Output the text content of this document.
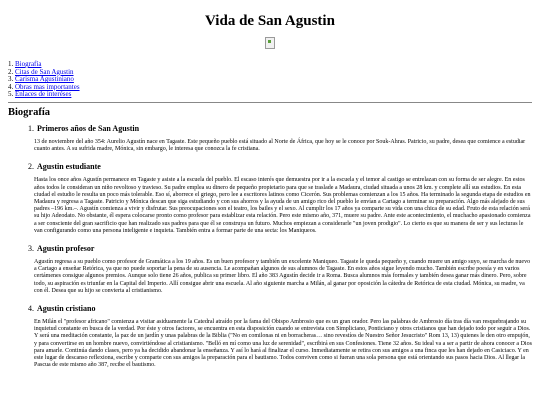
Vida de San Agustin
1. Biografía
2. Citas de San Agustin
3. Carisma Agustiniano
4. Obras mas importantes
5. Enlaces de interéses
Biografía
1. Primeros años de San Agustin

13 de noviembre del año 354: Aurelio Agustín nace en Tagaste. Este pequeño pueblo está situado al Norte de África, que hoy se le conoce por Souk-Ahras. Patricio, su padre, desea que comience a estudiar cuanto antes. A su sufrida madre, Mónica, sin embargo, le interesa que conozca la fe cristiana.

2. Agustin estudiante

Hasta los once años Agustín permanece en Tagaste y asiste a la escuela del pueblo. El escaso interés que demuestra por ir a la escuela y el temor al castigo se entrelazan con su forma de ser alegre. En estos años todos le consideran un niño revoltoso y travieso. Su padre emplea su dinero de pequeño propietario para que se traslade a Madaura, ciudad situada a unos 28 km. y complete allí sus estudios. En esta ciudad el estudio le resulta un poco más tolerable. Eso sí, aborrece el griego, pero lee a escritores latinos como Cicerón. Sus problemas comienzan a los 15 años. Ha terminado la segunda etapa de estudios en Madaura y regresa a Tagaste. Patricio y Mónica descan que siga estudiando y con sus ahorros y la ayuda de un amigo rico del pueblo le envían a Cartago a terminar su preparación. Algo más alejado de sus padres –196 km.–. Agustín comienza a vivir y disfrutar. Sus preocupaciones son el teatro, los bailes y el sexo. Al cumplir los 17 años ya comparte su vida con una chica de su edad. Fruto de esta relación será su hijo Adeodato. No obstante, él espera colocarse pronto como profesor para establizar esta relación. Pero este mismo año, 371, muere su padre. Ante este acontecimiento, el muchacho apasionado comienza a ser consciente del gran sacrificio que han realizado sus padres para que él se construya un futuro. Muchos empiezan a considerarle "un joven prodigio". Lo cierto es que su manera de ser y sus lecturas le van configurando como una persona inteligente e inquieta. También entra a formar parte de una secta: los Maniqueos.

3. Agustin profesor

Agustín regresa a su pueblo como profesor de Gramática a los 19 años. Es un buen profesor y también un excelente Maniqueo. Tagaste le queda pequeño y, cuando muere un amigo suyo, se marcha de nuevo a Cartago a enseñar Retórica, ya que no puede soportar la pena de su ausencia. Le acompañan algunos de sus alumnos de Tagaste. En estos años sigue leyendo mucho. También escribe poesía y en varios certámenes consigue algunos premios. Aunque solo tiene 26 años, publica su primer libro. El año 383 Agustín decide ir a Roma. Busca alumnos más formales y también desea ganar más dinero. Pero, sobre todo, su aspiración es triunfar en la Capital del Imperio. Allí consigue abrir una escuela. Al año siguiente marcha a Milán, al ganar por oposición la cátedra de Retórica de esta ciudad. Mónica, su madre, va con él. Desea que su hijo se convierta al cristianismo.

4. Agustin cristiano

En Milán el "profesor africano" comienza a visitar asiduamente la Catedral atraído por la fama del Obispo Ambrosio que es un gran orador. Pero las palabras de Ambrosio día tras día van resquebrajando su inquietud constante en busca de la verdad. Por éste y otros factores, se encuentra en esta disposición cuando se entrevista con Simpliciano, Ponticiano y otros cristianos que han dejado todo por seguir a Dios. Y será una meditación constante, la paz de un jardín y unas palabras de la Biblia ("No en comilonas ni en borracheras… sino revestíos de Nuestro Señor Jesucristo" Rom 13, 13) quienes le den otro empujón, y para convertirse en un hombre nuevo, convirtiéndose al cristianismo. "Belló en mí como una luz de serenidad", escribirá en sus Confesiones. Tiene 32 años. Su ideal va a ser a partir de ahora conocer a Dios para amarle. Continúa dando clases, pero ya ha decidido abandonar la enseñanza. Y así lo hará al finalizar el curso. Inmediatamente se retira con sus amigos a una finca que les han dejado en Casiciaco. Y en este lugar de descanso reflexiona, escribe y comparte con sus amigos la preparación para el bautismo. Todos conviven como si fueran una sola persona que está orientando sus pasos hacia Dios. Al llegar la Pascua de este mismo año 387, recibe el bautismo.
